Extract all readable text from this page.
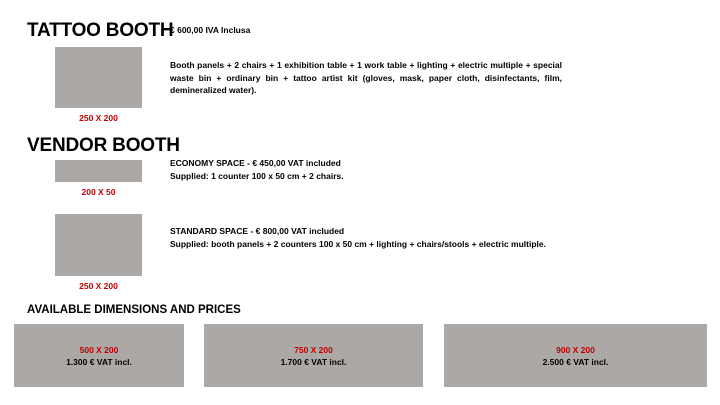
TATTOO BOOTH
€ 600,00 IVA Inclusa
250 X 200
Booth panels + 2 chairs + 1 exhibition table + 1 work table + lighting + electric multiple + special waste bin + ordinary bin + tattoo artist kit (gloves, mask, paper cloth, disinfectants, film, demineralized water).
VENDOR BOOTH
200 X 50
ECONOMY SPACE - € 450,00 VAT included
Supplied: 1 counter 100 x 50 cm + 2 chairs.
250 X 200
STANDARD SPACE - € 800,00 VAT included
Supplied: booth panels + 2 counters 100 x 50 cm + lighting + chairs/stools + electric multiple.
AVAILABLE DIMENSIONS AND PRICES
500 X 200
1.300 € VAT incl.
750 X 200
1.700 € VAT incl.
900 X 200
2.500 € VAT incl.
